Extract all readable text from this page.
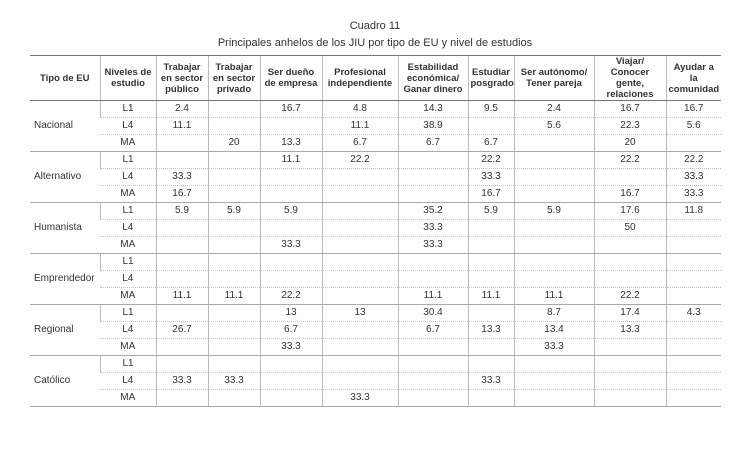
Cuadro 11
Principales anhelos de los JIU por tipo de EU y nivel de estudios
Tipo de EU	Niveles de estudio	Trabajar en sector público	Trabajar en sector privado	Ser dueño de empresa	Profesional independiente	Estabilidad económica/ Ganar dinero	Estudiar posgrado	Ser autónomo/ Tener pareja	Viajar/ Conocer gente, relaciones	Ayudar a la comunidad
Nacional	L1	2.4		16.7	4.8	14.3	9.5	2.4	16.7	16.7
	L4	11.1			11.1	38.9		5.6	22.3	5.6
	MA		20	13.3	6.7	6.7	6.7		20	
Alternativo	L1			11.1	22.2		22.2		22.2	22.2
	L4	33.3					33.3			33.3
	MA	16.7					16.7		16.7	33.3
Humanista	L1	5.9	5.9	5.9		35.2	5.9	5.9	17.6	11.8
	L4					33.3			50	
	MA			33.3		33.3				
Emprendedor	L1									
	L4									
	MA	11.1	11.1	22.2		11.1	11.1	11.1	22.2	
Regional	L1			13	13	30.4		8.7	17.4	4.3
	L4	26.7		6.7		6.7	13.3	13.4	13.3	
	MA			33.3				33.3		
Católico	L1									
	L4	33.3	33.3				33.3			
	MA				33.3					
